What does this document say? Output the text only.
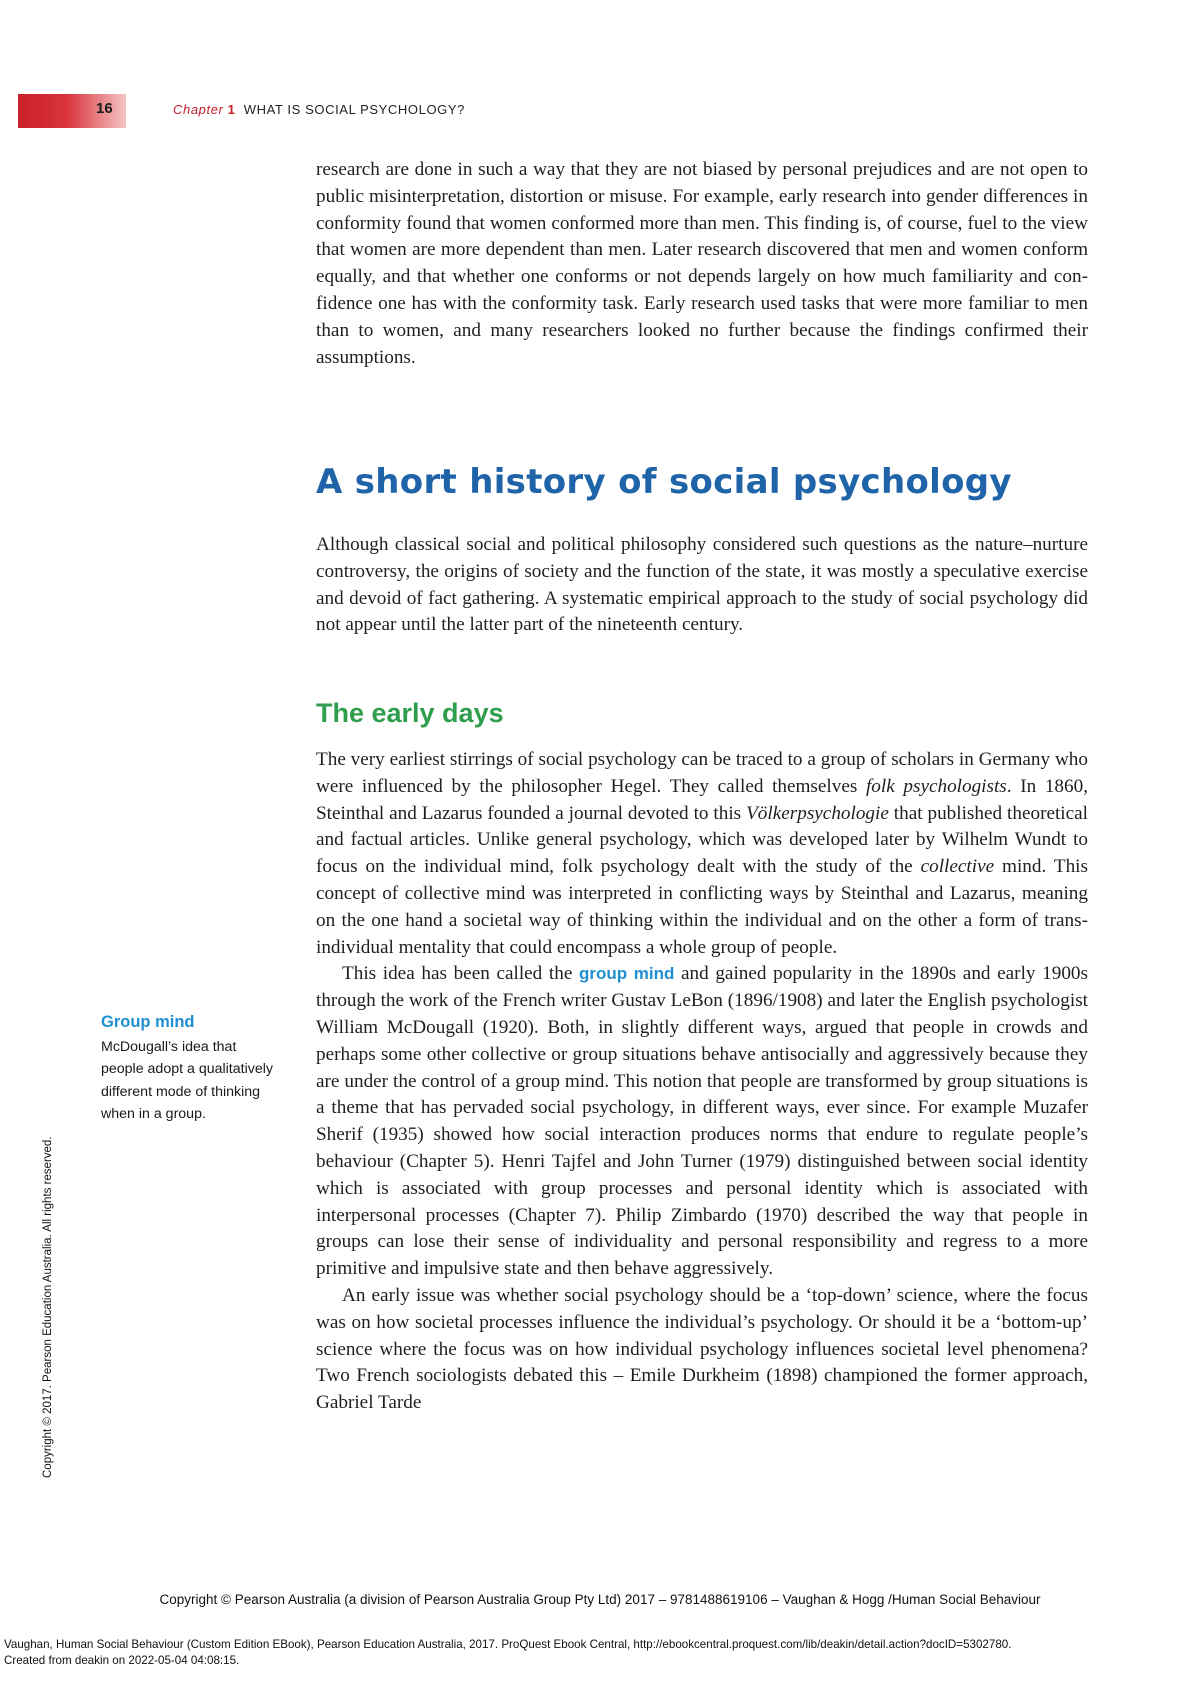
16	Chapter 1 WHAT IS SOCIAL PSYCHOLOGY?

research are done in such a way that they are not biased by personal prejudices and are not open to public misinterpretation, distortion or misuse. For example, early research into gender differences in conformity found that women conformed more than men. This finding is, of course, fuel to the view that women are more dependent than men. Later research discovered that men and women conform equally, and that whether one conforms or not depends largely on how much familiarity and confidence one has with the conformity task. Early research used tasks that were more familiar to men than to women, and many researchers looked no further because the findings confirmed their assumptions.

A short history of social psychology

Although classical social and political philosophy considered such questions as the nature–nurture controversy, the origins of society and the function of the state, it was mostly a speculative exercise and devoid of fact gathering. A systematic empirical approach to the study of social psychology did not appear until the latter part of the nineteenth century.

The early days

The very earliest stirrings of social psychology can be traced to a group of scholars in Germany who were influenced by the philosopher Hegel. They called themselves folk psychologists. In 1860, Steinthal and Lazarus founded a journal devoted to this Völkerpsychologie that published theoretical and factual articles. Unlike general psychology, which was developed later by Wilhelm Wundt to focus on the individual mind, folk psychology dealt with the study of the collective mind. This concept of collective mind was interpreted in conflicting ways by Steinthal and Lazarus, meaning on the one hand a societal way of thinking within the individual and on the other a form of trans-individual mentality that could encompass a whole group of people.

This idea has been called the group mind and gained popularity in the 1890s and early 1900s through the work of the French writer Gustav LeBon (1896/1908) and later the English psychologist William McDougall (1920). Both, in slightly different ways, argued that people in crowds and perhaps some other collective or group situations behave antisocially and aggressively because they are under the control of a group mind. This notion that people are transformed by group situations is a theme that has pervaded social psychology, in different ways, ever since. For example Muzafer Sherif (1935) showed how social interaction produces norms that endure to regulate people’s behaviour (Chapter 5). Henri Tajfel and John Turner (1979) distinguished between social identity which is associated with group processes and personal identity which is associated with interpersonal processes (Chapter 7). Philip Zimbardo (1970) described the way that people in groups can lose their sense of individuality and personal responsibility and regress to a more primitive and impulsive state and then behave aggressively.

An early issue was whether social psychology should be a ‘top-down’ science, where the focus was on how societal processes influence the individual’s psychology. Or should it be a ‘bottom-up’ science where the focus was on how individual psychology influences societal level phenomena? Two French sociologists debated this – Emile Durkheim (1898) championed the former approach, Gabriel Tarde

Group mind

McDougall’s idea that people adopt a qualitatively different mode of thinking when in a group.

Copyright © 2017. Pearson Education Australia. All rights reserved.
Copyright © Pearson Australia (a division of Pearson Australia Group Pty Ltd) 2017 – 9781488619106 – Vaughan & Hogg /Human Social Behaviour

Vaughan, Human Social Behaviour (Custom Edition EBook), Pearson Education Australia, 2017. ProQuest Ebook Central, http://ebookcentral.proquest.com/lib/deakin/detail.action?docID=5302780.

Created from deakin on 2022-05-04 04:08:15.
